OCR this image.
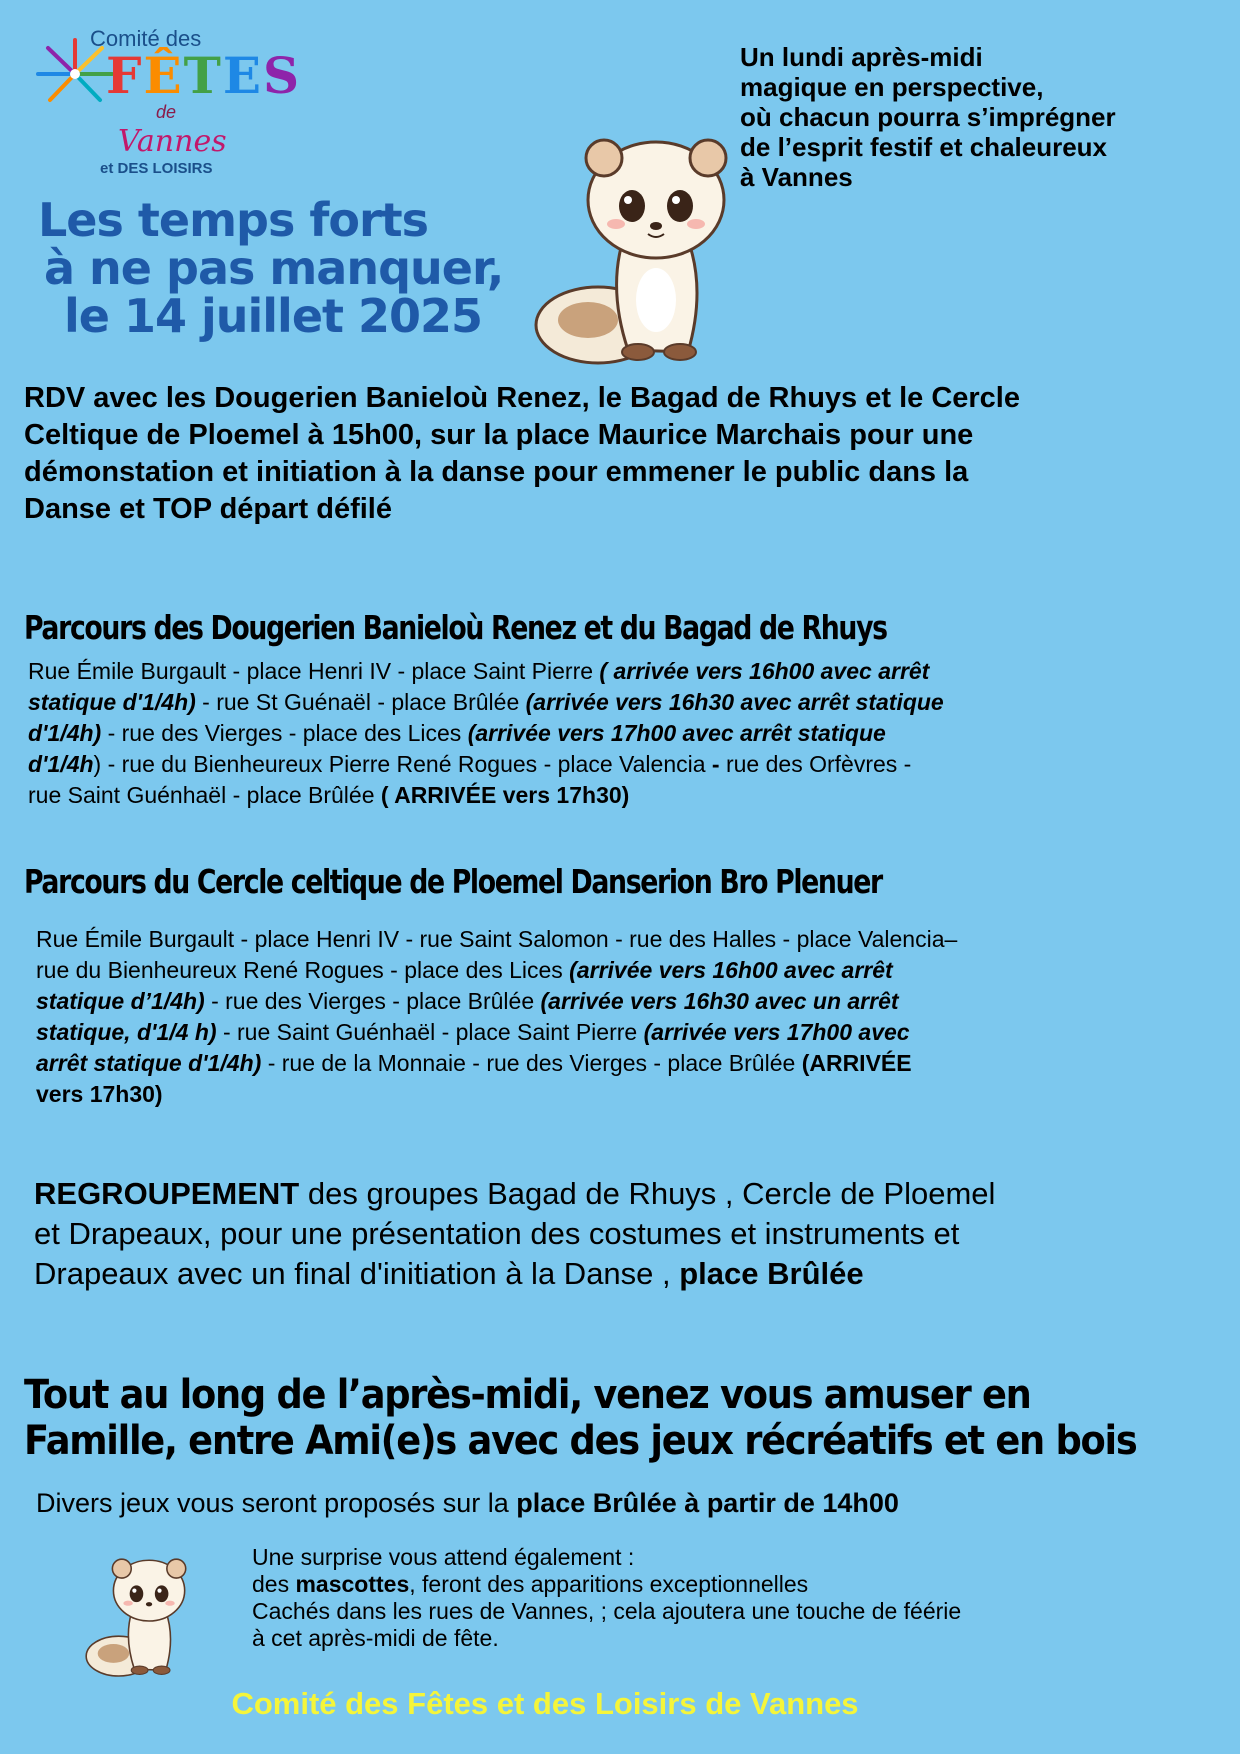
Comité des
FÊTES
de
Vannes
et DES LOISIRS
Les temps forts
à ne pas manquer,
le 14 juillet 2025
Un lundi après-midi
magique en perspective,
où chacun pourra s’imprégner
de l’esprit festif et chaleureux
à Vannes
RDV avec les Dougerien Banieloù Renez, le Bagad de Rhuys et le Cercle
Celtique de Ploemel à 15h00, sur la place Maurice Marchais pour une
démonstation et initiation à la danse pour emmener le public dans la
Danse et TOP départ défilé
Parcours des Dougerien Banieloù Renez et du Bagad de Rhuys
Rue Émile Burgault - place Henri IV - place Saint Pierre ( arrivée vers 16h00 avec arrêt
statique d'1/4h) - rue St Guénaël - place Brûlée (arrivée vers 16h30 avec arrêt statique
d'1/4h) - rue des Vierges - place des Lices (arrivée vers 17h00 avec arrêt statique
d'1/4h) - rue du Bienheureux Pierre René Rogues - place Valencia - rue des Orfèvres -
rue Saint Guénhaël - place Brûlée ( ARRIVÉE vers 17h30)
Parcours du Cercle celtique de Ploemel Danserion Bro Plenuer
Rue Émile Burgault - place Henri IV - rue Saint Salomon - rue des Halles - place Valencia–
rue du Bienheureux René Rogues - place des Lices (arrivée vers 16h00 avec arrêt
statique d’1/4h) - rue des Vierges - place Brûlée (arrivée vers 16h30 avec un arrêt
statique, d'1/4 h) - rue Saint Guénhaël - place Saint Pierre (arrivée vers 17h00 avec
arrêt statique d'1/4h) - rue de la Monnaie - rue des Vierges - place Brûlée (ARRIVÉE
vers 17h30)
REGROUPEMENT des groupes Bagad de Rhuys , Cercle de Ploemel
et Drapeaux, pour une présentation des costumes et instruments et
Drapeaux avec un final d'initiation à la Danse , place Brûlée
Tout au long de l’après-midi, venez vous amuser en
Famille, entre Ami(e)s avec des jeux récréatifs et en bois
Divers jeux vous seront proposés sur la place Brûlée à partir de 14h00
Une surprise vous attend également :
des mascottes, feront des apparitions exceptionnelles
Cachés dans les rues de Vannes, ; cela ajoutera une touche de féérie
à cet après-midi de fête.
Comité des Fêtes et des Loisirs de Vannes
